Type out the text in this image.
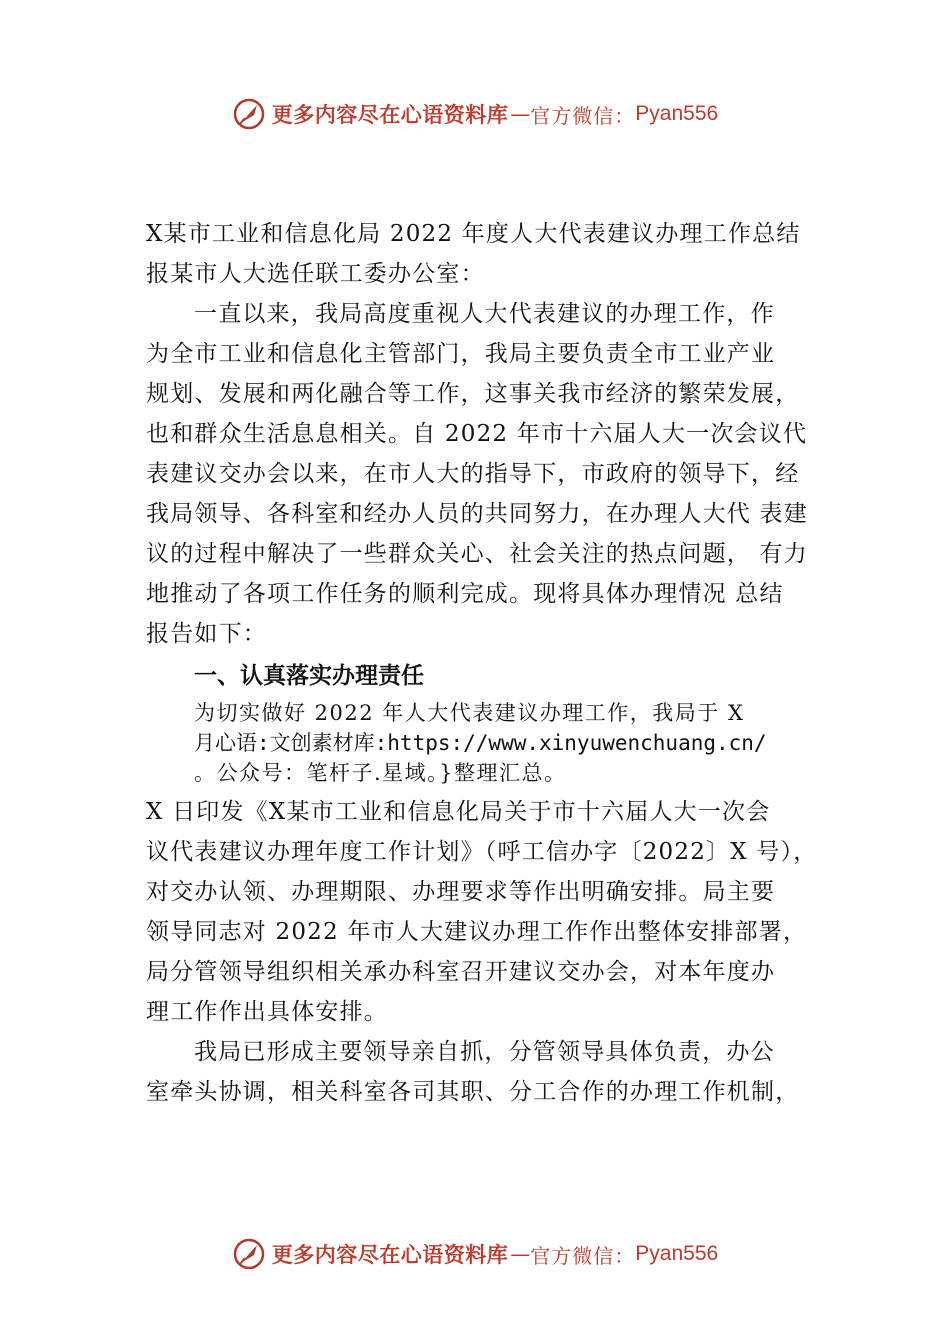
更多内容尽在心语资料库 — 官方微信： Pyan556
X某市工业和信息化局 2022 年度人大代表建议办理工作总结
报某市人大选任联工委办公室：
一直以来，我局高度重视人大代表建议的办理工作，作
为全市工业和信息化主管部门，我局主要负责全市工业产业
规划、发展和两化融合等工作，这事关我市经济的繁荣发展，
也和群众生活息息相关。自 2022 年市十六届人大一次会议代
表建议交办会以来，在市人大的指导下，市政府的领导下，经
我局领导、各科室和经办人员的共同努力，在办理人大代 表建
议的过程中解决了一些群众关心、社会关注的热点问题， 有力
地推动了各项工作任务的顺利完成。现将具体办理情况 总结
报告如下：
一、认真落实办理责任
为切实做好 2022 年人大代表建议办理工作，我局于 X
月心语:文创素材库:https://www.xinyuwenchuang.cn/
。公众号：笔杆子.星域。}整理汇总。
X 日印发《X某市工业和信息化局关于市十六届人大一次会
议代表建议办理年度工作计划》（呼工信办字〔2022〕X 号），
对交办认领、办理期限、办理要求等作出明确安排。局主要
领导同志对 2022 年市人大建议办理工作作出整体安排部署，
局分管领导组织相关承办科室召开建议交办会，对本年度办
理工作作出具体安排。
我局已形成主要领导亲自抓，分管领导具体负责，办公
室牵头协调，相关科室各司其职、分工合作的办理工作机制，
更多内容尽在心语资料库 — 官方微信： Pyan556
